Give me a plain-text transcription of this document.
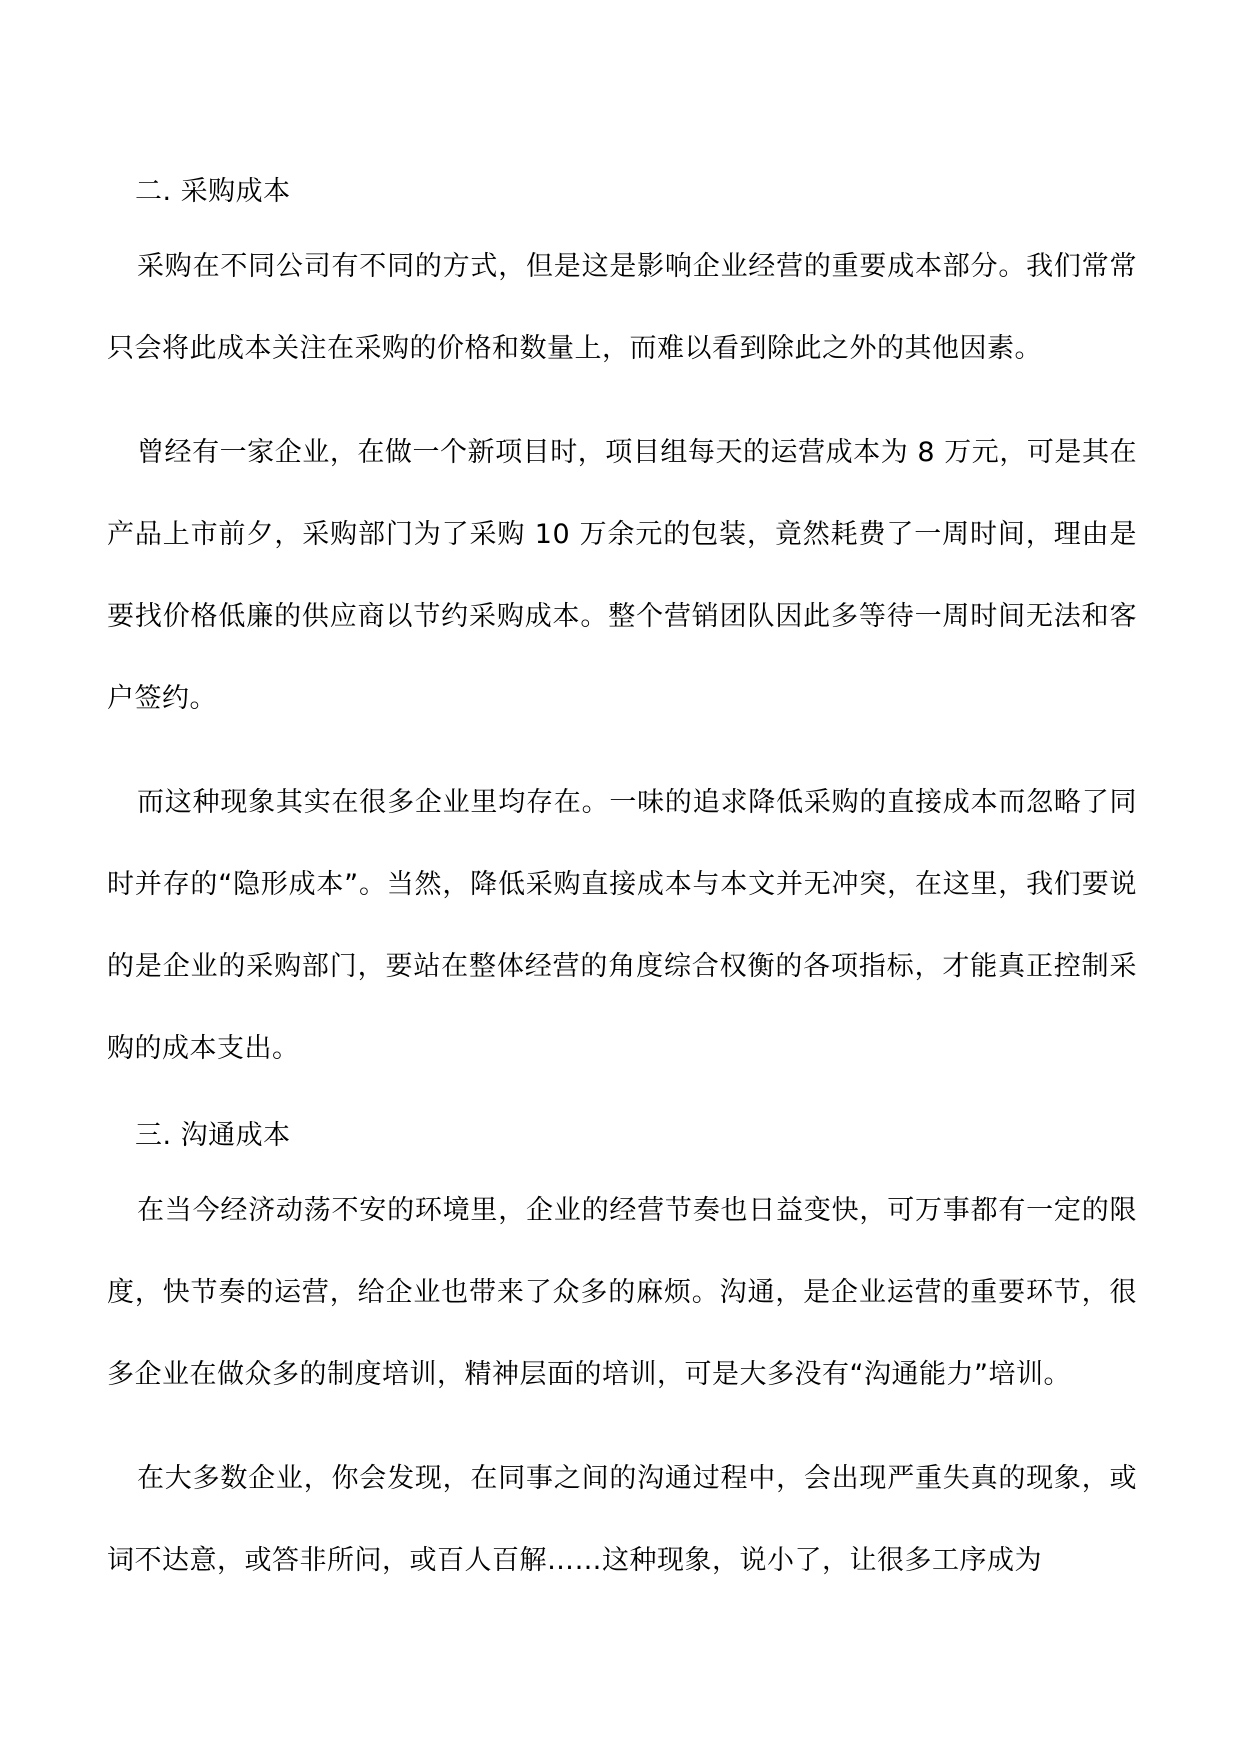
二. 采购成本

采购在不同公司有不同的方式，但是这是影响企业经营的重要成本部分。我们常常只会将此成本关注在采购的价格和数量上，而难以看到除此之外的其他因素。

曾经有一家企业，在做一个新项目时，项目组每天的运营成本为 8 万元，可是其在产品上市前夕，采购部门为了采购 10 万余元的包装，竟然耗费了一周时间，理由是要找价格低廉的供应商以节约采购成本。整个营销团队因此多等待一周时间无法和客户签约。

而这种现象其实在很多企业里均存在。一味的追求降低采购的直接成本而忽略了同时并存的“隐形成本”。当然，降低采购直接成本与本文并无冲突，在这里，我们要说的是企业的采购部门，要站在整体经营的角度综合权衡的各项指标，才能真正控制采购的成本支出。

三. 沟通成本

在当今经济动荡不安的环境里，企业的经营节奏也日益变快，可万事都有一定的限度，快节奏的运营，给企业也带来了众多的麻烦。沟通，是企业运营的重要环节，很多企业在做众多的制度培训，精神层面的培训，可是大多没有“沟通能力”培训。

在大多数企业，你会发现，在同事之间的沟通过程中，会出现严重失真的现象，或词不达意，或答非所问，或百人百解……这种现象，说小了，让很多工序成为
